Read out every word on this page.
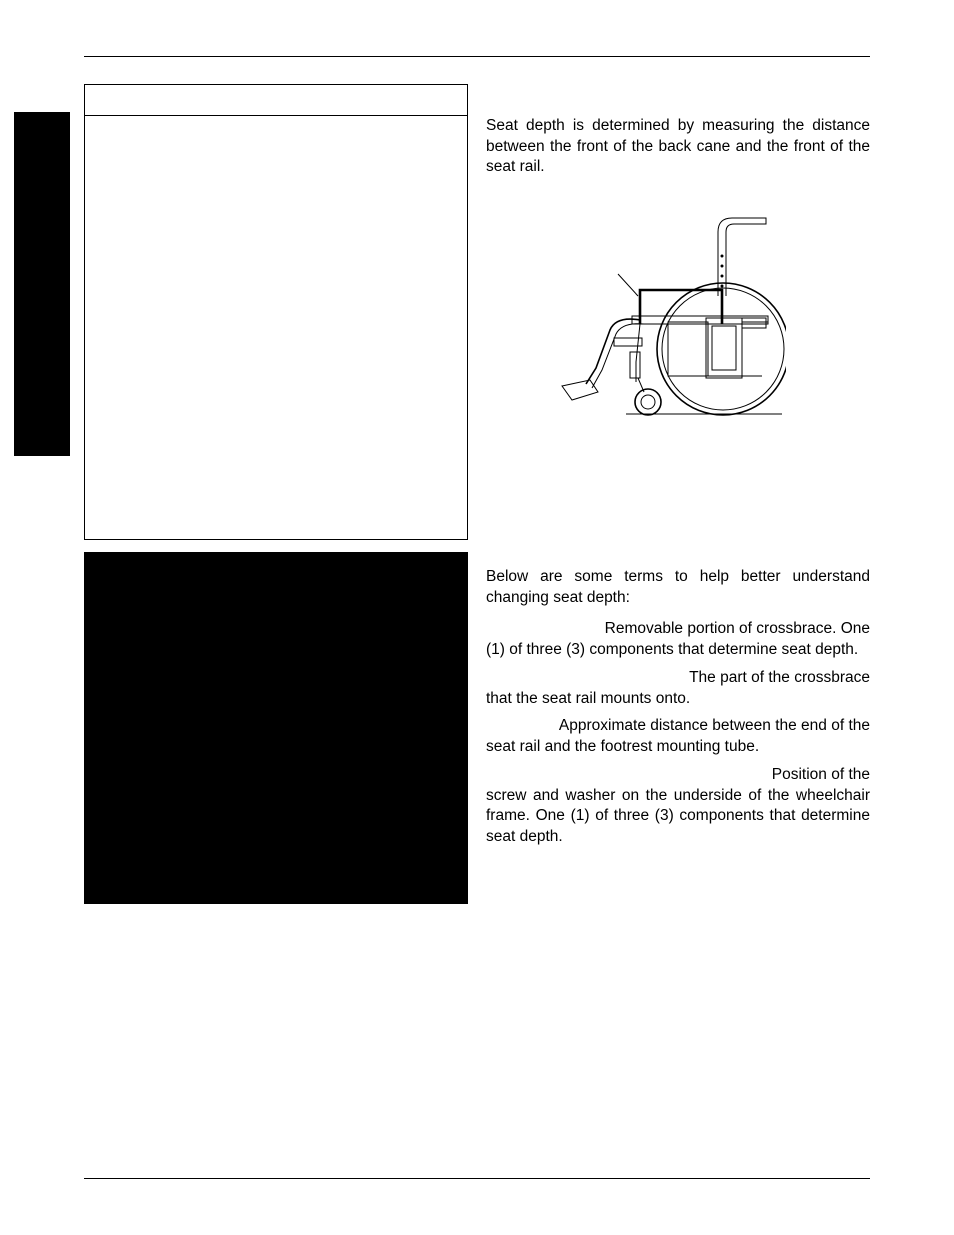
Seat depth is determined by measuring the distance between the front of the back cane and the front of the seat rail.

Below are some terms to help better understand changing seat depth:

Removable portion of crossbrace. One
(1) of three (3) components that determine seat depth.

The part of the crossbrace
that the seat rail mounts onto.

Approximate distance between the end of the
seat rail and the footrest mounting tube.

Position of the
screw and washer on the underside of the wheelchair frame. One (1) of three (3) components that determine seat depth.
